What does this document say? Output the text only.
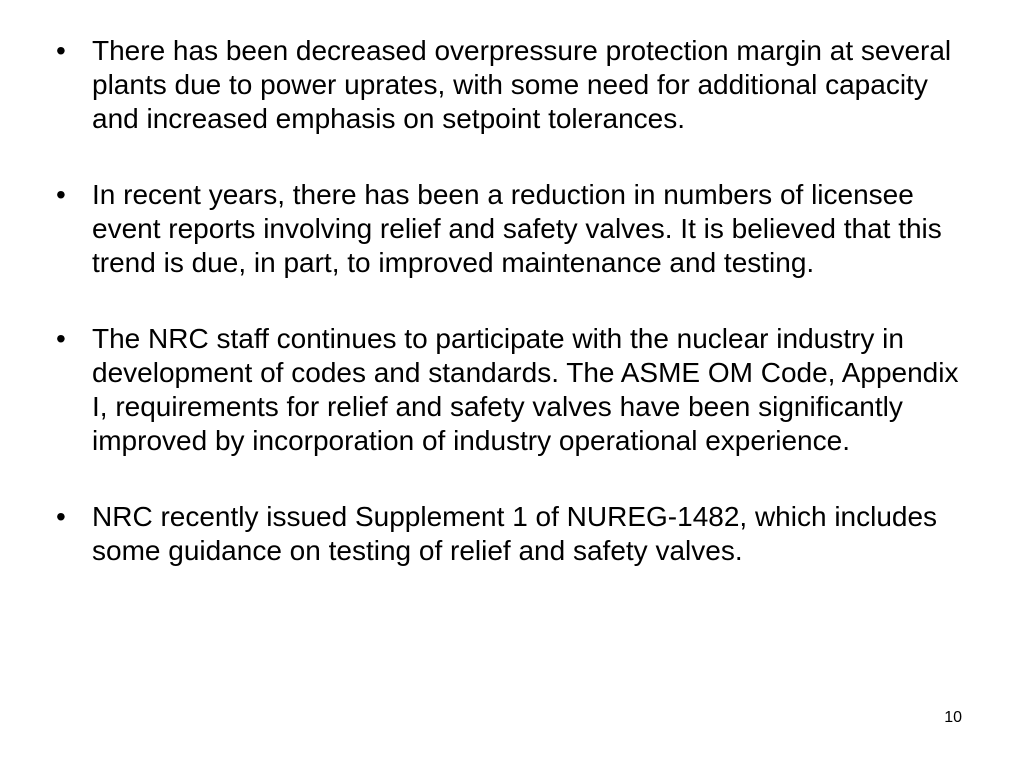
• There has been decreased overpressure protection margin at several plants due to power uprates, with some need for additional capacity and increased emphasis on setpoint tolerances.
• In recent years, there has been a reduction in numbers of licensee event reports involving relief and safety valves. It is believed that this trend is due, in part, to improved maintenance and testing.
• The NRC staff continues to participate with the nuclear industry in development of codes and standards. The ASME OM Code, Appendix I, requirements for relief and safety valves have been significantly improved by incorporation of industry operational experience.
• NRC recently issued Supplement 1 of NUREG-1482, which includes some guidance on testing of relief and safety valves.
10
